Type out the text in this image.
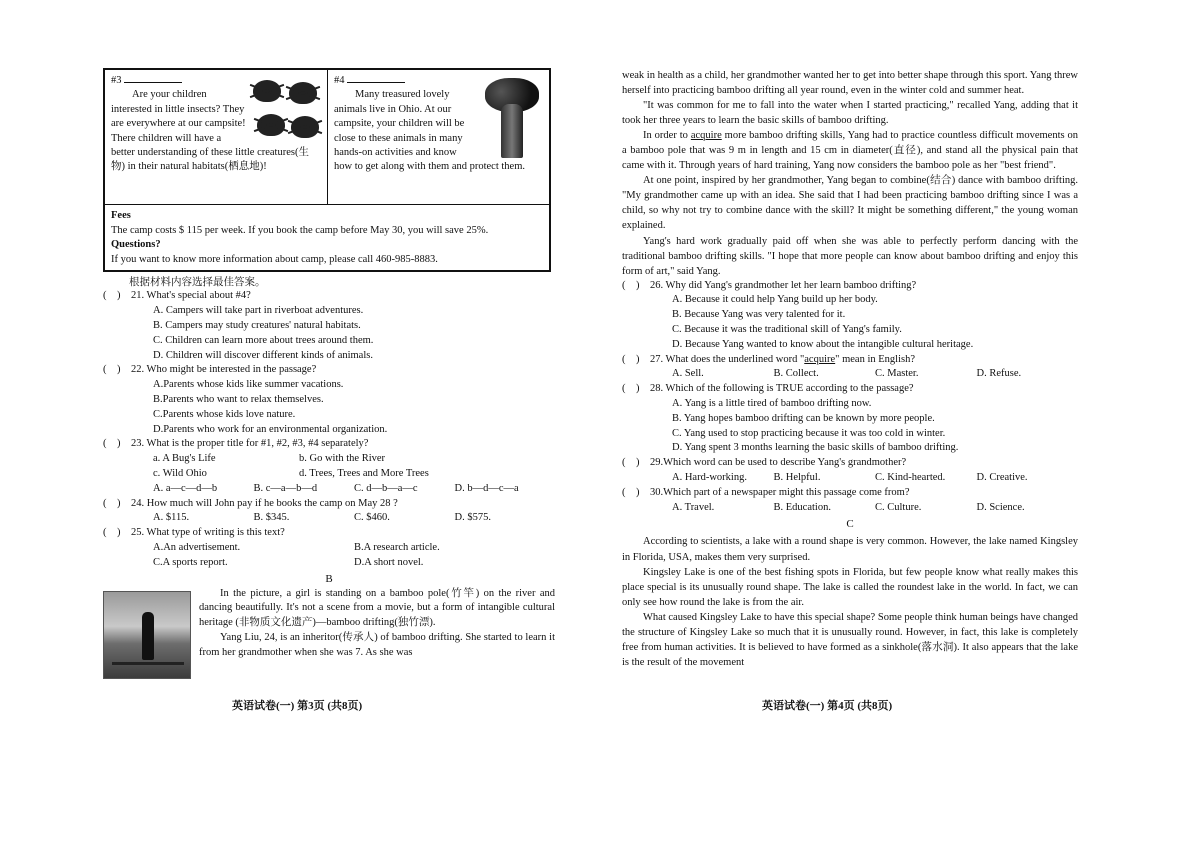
#3
Are your children interested in little insects? They are everywhere at our campsite! There children will have a better understanding of these little creatures(生物) in their natural habitats(栖息地)!
#4
Many treasured lovely animals live in Ohio. At our campsite, your children will be close to these animals in many hands-on activities and know how to get along with them and protect them.
Fees
The camp costs $ 115 per week. If you book the camp before May 30, you will save 25%.
Questions?
If you want to know more information about camp, please call 460-985-8883.
根据材料内容选择最佳答案。
( ) 21. What's special about #4?
A. Campers will take part in riverboat adventures.
B. Campers may study creatures' natural habitats.
C. Children can learn more about trees around them.
D. Children will discover different kinds of animals.
( ) 22. Who might be interested in the passage?
A.Parents whose kids like summer vacations.
B.Parents who want to relax themselves.
C.Parents whose kids love nature.
D.Parents who work for an environmental organization.
( ) 23. What is the proper title for #1, #2, #3, #4 separately?
a. A Bug's Life	b. Go with the River
c. Wild Ohio	d. Trees, Trees and More Trees
A. a—c—d—b	B. c—a—b—d	C. d—b—a—c	D. b—d—c—a
( ) 24. How much will John pay if he books the camp on May 28 ?
A. $115.	B. $345.	C. $460.	D. $575.
( ) 25. What type of writing is this text?
A.An advertisement.	B.A research article.
C.A sports report.	D.A short novel.
B
In the picture, a girl is standing on a bamboo pole(竹竿) on the river and dancing beautifully. It's not a scene from a movie, but a form of intangible cultural heritage (非物质文化遗产)—bamboo drifting(独竹漂).
Yang Liu, 24, is an inheritor(传承人) of bamboo drifting. She started to learn it from her grandmother when she was 7. As she was
英语试卷(一) 第3页 (共8页)
weak in health as a child, her grandmother wanted her to get into better shape through this sport. Yang threw herself into practicing bamboo drifting all year round, even in the winter cold and summer heat.
"It was common for me to fall into the water when I started practicing," recalled Yang, adding that it took her three years to learn the basic skills of bamboo drifting.
In order to acquire more bamboo drifting skills, Yang had to practice countless difficult movements on a bamboo pole that was 9 m in length and 15 cm in diameter(直径), and stand all the physical pain that came with it. Through years of hard training, Yang now considers the bamboo pole as her "best friend".
At one point, inspired by her grandmother, Yang began to combine(结合) dance with bamboo drifting. "My grandmother came up with an idea. She said that I had been practicing bamboo drifting since I was a child, so why not try to combine dance with the skill? It might be something different," the young woman explained.
Yang's hard work gradually paid off when she was able to perfectly perform dancing with the traditional bamboo drifting skills. "I hope that more people can know about bamboo drifting and enjoy this form of art," said Yang.
( ) 26. Why did Yang's grandmother let her learn bamboo drifting?
A. Because it could help Yang build up her body.
B. Because Yang was very talented for it.
C. Because it was the traditional skill of Yang's family.
D. Because Yang wanted to know about the intangible cultural heritage.
( ) 27. What does the underlined word "acquire" mean in English?
A. Sell.	B. Collect.	C. Master.	D. Refuse.
( ) 28. Which of the following is TRUE according to the passage?
A. Yang is a little tired of bamboo drifting now.
B. Yang hopes bamboo drifting can be known by more people.
C. Yang used to stop practicing because it was too cold in winter.
D. Yang spent 3 months learning the basic skills of bamboo drifting.
( ) 29.Which word can be used to describe Yang's grandmother?
A. Hard-working.	B. Helpful.	C. Kind-hearted.	D. Creative.
( ) 30.Which part of a newspaper might this passage come from?
A. Travel.	B. Education.	C. Culture.	D. Science.
C
According to scientists, a lake with a round shape is very common. However, the lake named Kingsley in Florida, USA, makes them very surprised.
Kingsley Lake is one of the best fishing spots in Florida, but few people know what really makes this place special is its unusually round shape. The lake is called the roundest lake in the world. In fact, we can only see how round the lake is from the air.
What caused Kingsley Lake to have this special shape? Some people think human beings have changed the structure of Kingsley Lake so much that it is unusually round. However, in fact, this lake is completely free from human activities. It is believed to have formed as a sinkhole(落水洞). It also appears that the lake is the result of the movement
英语试卷(一) 第4页 (共8页)
